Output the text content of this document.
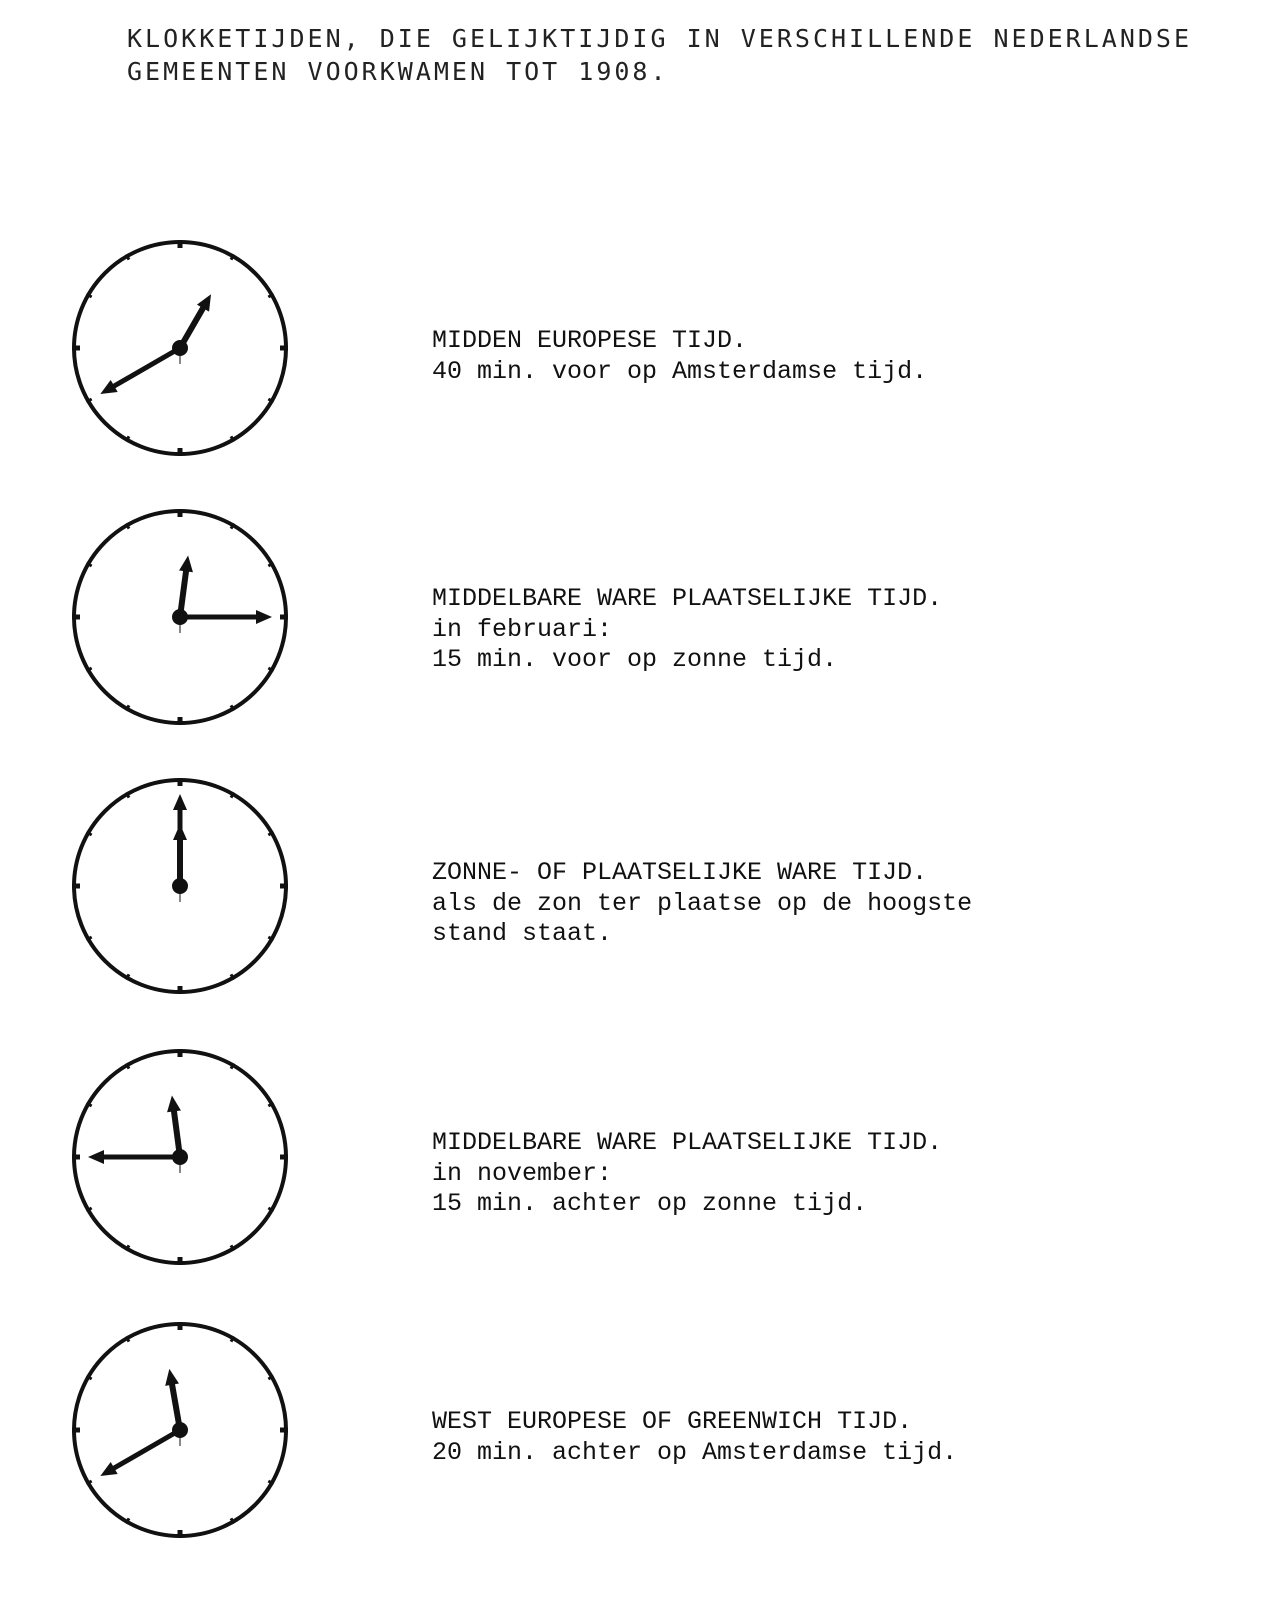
KLOKKETIJDEN, DIE GELIJKTIJDIG IN VERSCHILLENDE NEDERLANDSE
GEMEENTEN VOORKWAMEN TOT 1908.
MIDDEN EUROPESE TIJD.
40 min. voor op Amsterdamse tijd.
MIDDELBARE WARE PLAATSELIJKE TIJD.
in februari:
15 min. voor op zonne tijd.
ZONNE- OF PLAATSELIJKE WARE TIJD.
als de zon ter plaatse op de hoogste
stand staat.
MIDDELBARE WARE PLAATSELIJKE TIJD.
in november:
15 min. achter op zonne tijd.
WEST EUROPESE OF GREENWICH TIJD.
20 min. achter op Amsterdamse tijd.
